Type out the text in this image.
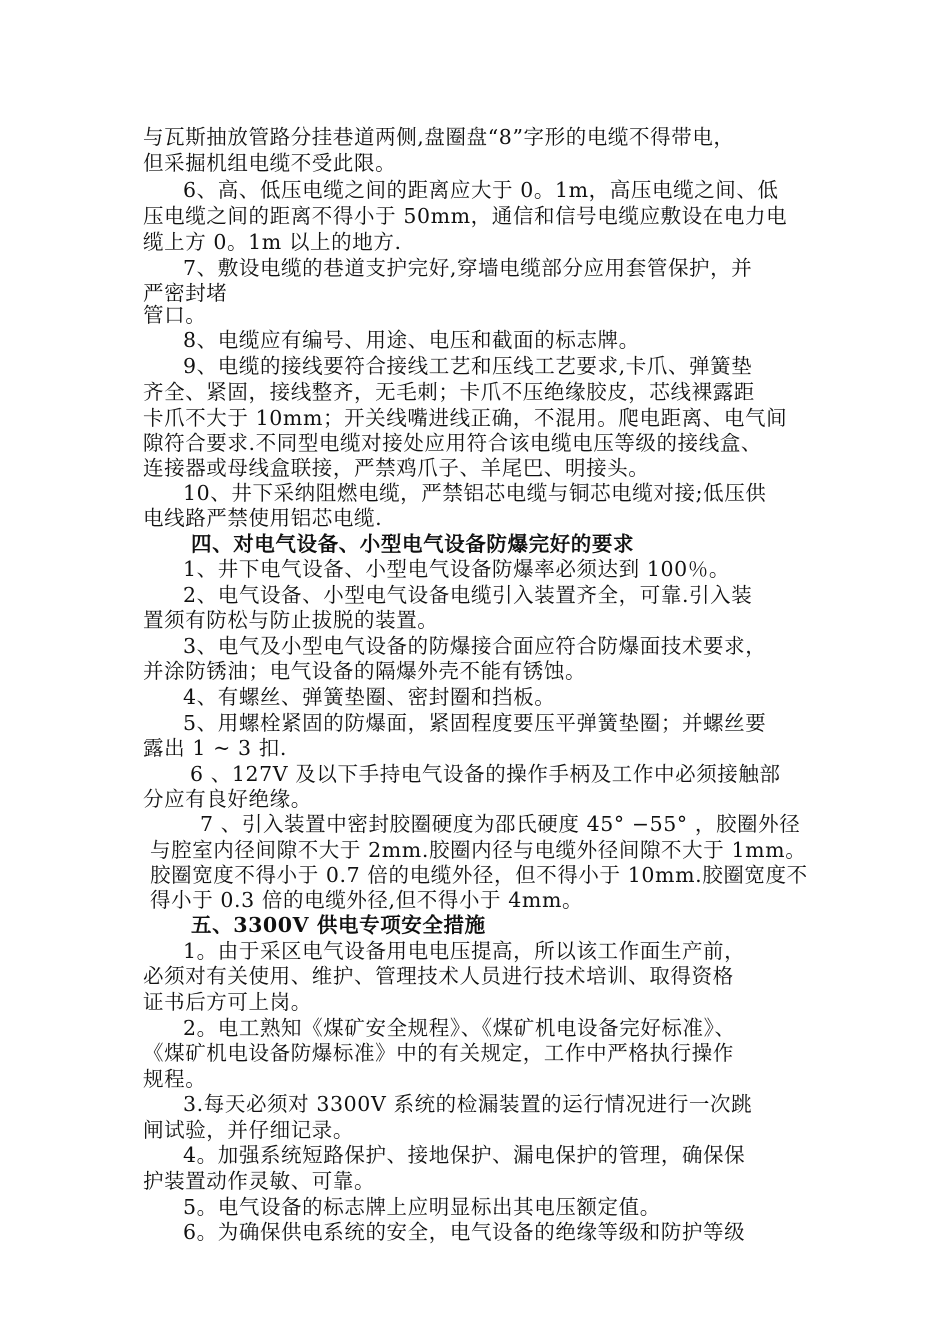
与瓦斯抽放管路分挂巷道两侧,盘圈盘“8”字形的电缆不得带电，

但采掘机组电缆不受此限。

6、高、低压电缆之间的距离应大于 0。1m，高压电缆之间、低

压电缆之间的距离不得小于 50mm，通信和信号电缆应敷设在电力电

缆上方 0。1m 以上的地方.

7、敷设电缆的巷道支护完好,穿墙电缆部分应用套管保护，并

严密封堵

管口。

8、电缆应有编号、用途、电压和截面的标志牌。

9、电缆的接线要符合接线工艺和压线工艺要求,卡爪、弹簧垫

齐全、紧固，接线整齐，无毛刺；卡爪不压绝缘胶皮，芯线裸露距

卡爪不大于 10mm；开关线嘴进线正确，不混用。爬电距离、电气间

隙符合要求.不同型电缆对接处应用符合该电缆电压等级的接线盒、

连接器或母线盒联接，严禁鸡爪子、羊尾巴、明接头。

10、井下采纳阻燃电缆，严禁铝芯电缆与铜芯电缆对接;低压供

电线路严禁使用铝芯电缆.

四、对电气设备、小型电气设备防爆完好的要求

1、井下电气设备、小型电气设备防爆率必须达到 100％。

2、电气设备、小型电气设备电缆引入装置齐全，可靠.引入装

置须有防松与防止拔脱的装置。

3、电气及小型电气设备的防爆接合面应符合防爆面技术要求，

并涂防锈油；电气设备的隔爆外壳不能有锈蚀。

4、有螺丝、弹簧垫圈、密封圈和挡板。

5、用螺栓紧固的防爆面，紧固程度要压平弹簧垫圈；并螺丝要

露出 1 ~ 3 扣.

6 、127V 及以下手持电气设备的操作手柄及工作中必须接触部

分应有良好绝缘。

7 、引入装置中密封胶圈硬度为邵氏硬度 45° −55° ，胶圈外径

与腔室内径间隙不大于 2mm.胶圈内径与电缆外径间隙不大于 1mm。

胶圈宽度不得小于 0.7 倍的电缆外径，但不得小于 10mm.胶圈宽度不

得小于 0.3 倍的电缆外径,但不得小于 4mm。

五、3300V 供电专项安全措施

1。由于采区电气设备用电电压提高，所以该工作面生产前，

必须对有关使用、维护、管理技术人员进行技术培训、取得资格

证书后方可上岗。

2。电工熟知《煤矿安全规程》、《煤矿机电设备完好标准》、

《煤矿机电设备防爆标准》中的有关规定，工作中严格执行操作

规程。

3.每天必须对 3300V 系统的检漏装置的运行情况进行一次跳

闸试验，并仔细记录。

4。加强系统短路保护、接地保护、漏电保护的管理，确保保

护装置动作灵敏、可靠。

5。电气设备的标志牌上应明显标出其电压额定值。

6。为确保供电系统的安全，电气设备的绝缘等级和防护等级
